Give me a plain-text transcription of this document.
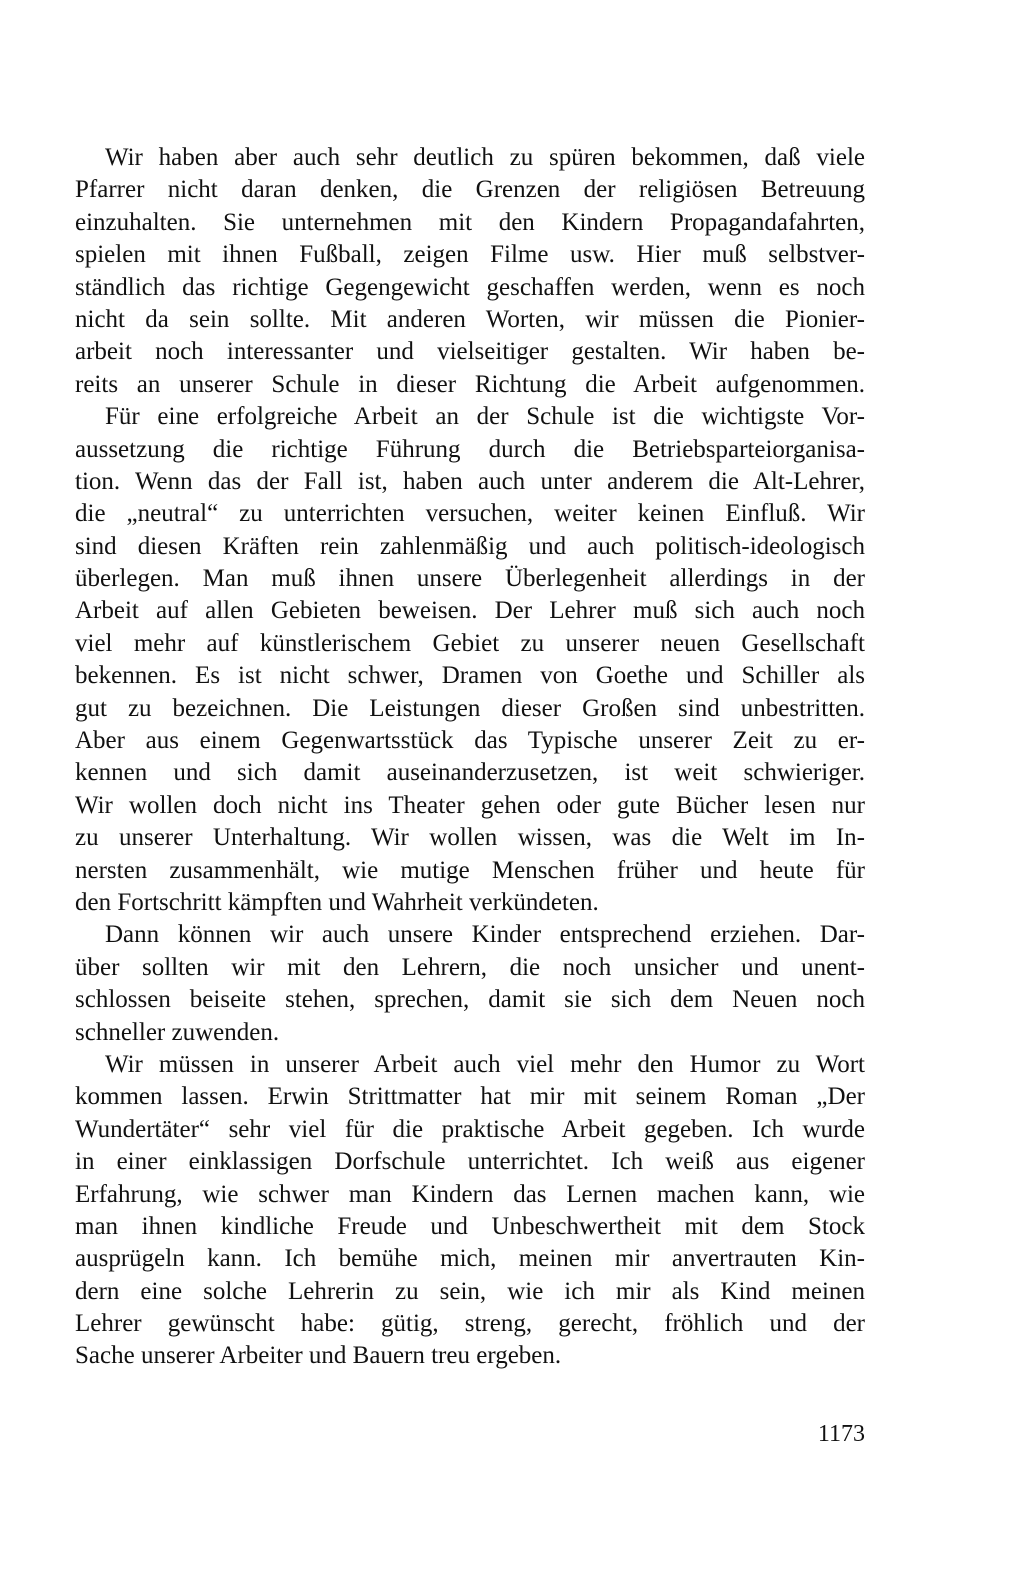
Wir haben aber auch sehr deutlich zu spüren bekommen, daß viele
Pfarrer nicht daran denken, die Grenzen der religiösen Betreuung
einzuhalten. Sie unternehmen mit den Kindern Propagandafahrten,
spielen mit ihnen Fußball, zeigen Filme usw. Hier muß selbstver-
ständlich das richtige Gegengewicht geschaffen werden, wenn es noch
nicht da sein sollte. Mit anderen Worten, wir müssen die Pionier-
arbeit noch interessanter und vielseitiger gestalten. Wir haben be-
reits an unserer Schule in dieser Richtung die Arbeit aufgenommen.
Für eine erfolgreiche Arbeit an der Schule ist die wichtigste Vor-
aussetzung die richtige Führung durch die Betriebsparteiorganisa-
tion. Wenn das der Fall ist, haben auch unter anderem die Alt-Lehrer,
die „neutral“ zu unterrichten versuchen, weiter keinen Einfluß. Wir
sind diesen Kräften rein zahlenmäßig und auch politisch-ideologisch
überlegen. Man muß ihnen unsere Überlegenheit allerdings in der
Arbeit auf allen Gebieten beweisen. Der Lehrer muß sich auch noch
viel mehr auf künstlerischem Gebiet zu unserer neuen Gesellschaft
bekennen. Es ist nicht schwer, Dramen von Goethe und Schiller als
gut zu bezeichnen. Die Leistungen dieser Großen sind unbestritten.
Aber aus einem Gegenwartsstück das Typische unserer Zeit zu er-
kennen und sich damit auseinanderzusetzen, ist weit schwieriger.
Wir wollen doch nicht ins Theater gehen oder gute Bücher lesen nur
zu unserer Unterhaltung. Wir wollen wissen, was die Welt im In-
nersten zusammenhält, wie mutige Menschen früher und heute für
den Fortschritt kämpften und Wahrheit verkündeten.
Dann können wir auch unsere Kinder entsprechend erziehen. Dar-
über sollten wir mit den Lehrern, die noch unsicher und unent-
schlossen beiseite stehen, sprechen, damit sie sich dem Neuen noch
schneller zuwenden.
Wir müssen in unserer Arbeit auch viel mehr den Humor zu Wort
kommen lassen. Erwin Strittmatter hat mir mit seinem Roman „Der
Wundertäter“ sehr viel für die praktische Arbeit gegeben. Ich wurde
in einer einklassigen Dorfschule unterrichtet. Ich weiß aus eigener
Erfahrung, wie schwer man Kindern das Lernen machen kann, wie
man ihnen kindliche Freude und Unbeschwertheit mit dem Stock
ausprügeln kann. Ich bemühe mich, meinen mir anvertrauten Kin-
dern eine solche Lehrerin zu sein, wie ich mir als Kind meinen
Lehrer gewünscht habe: gütig, streng, gerecht, fröhlich und der
Sache unserer Arbeiter und Bauern treu ergeben.
1173
